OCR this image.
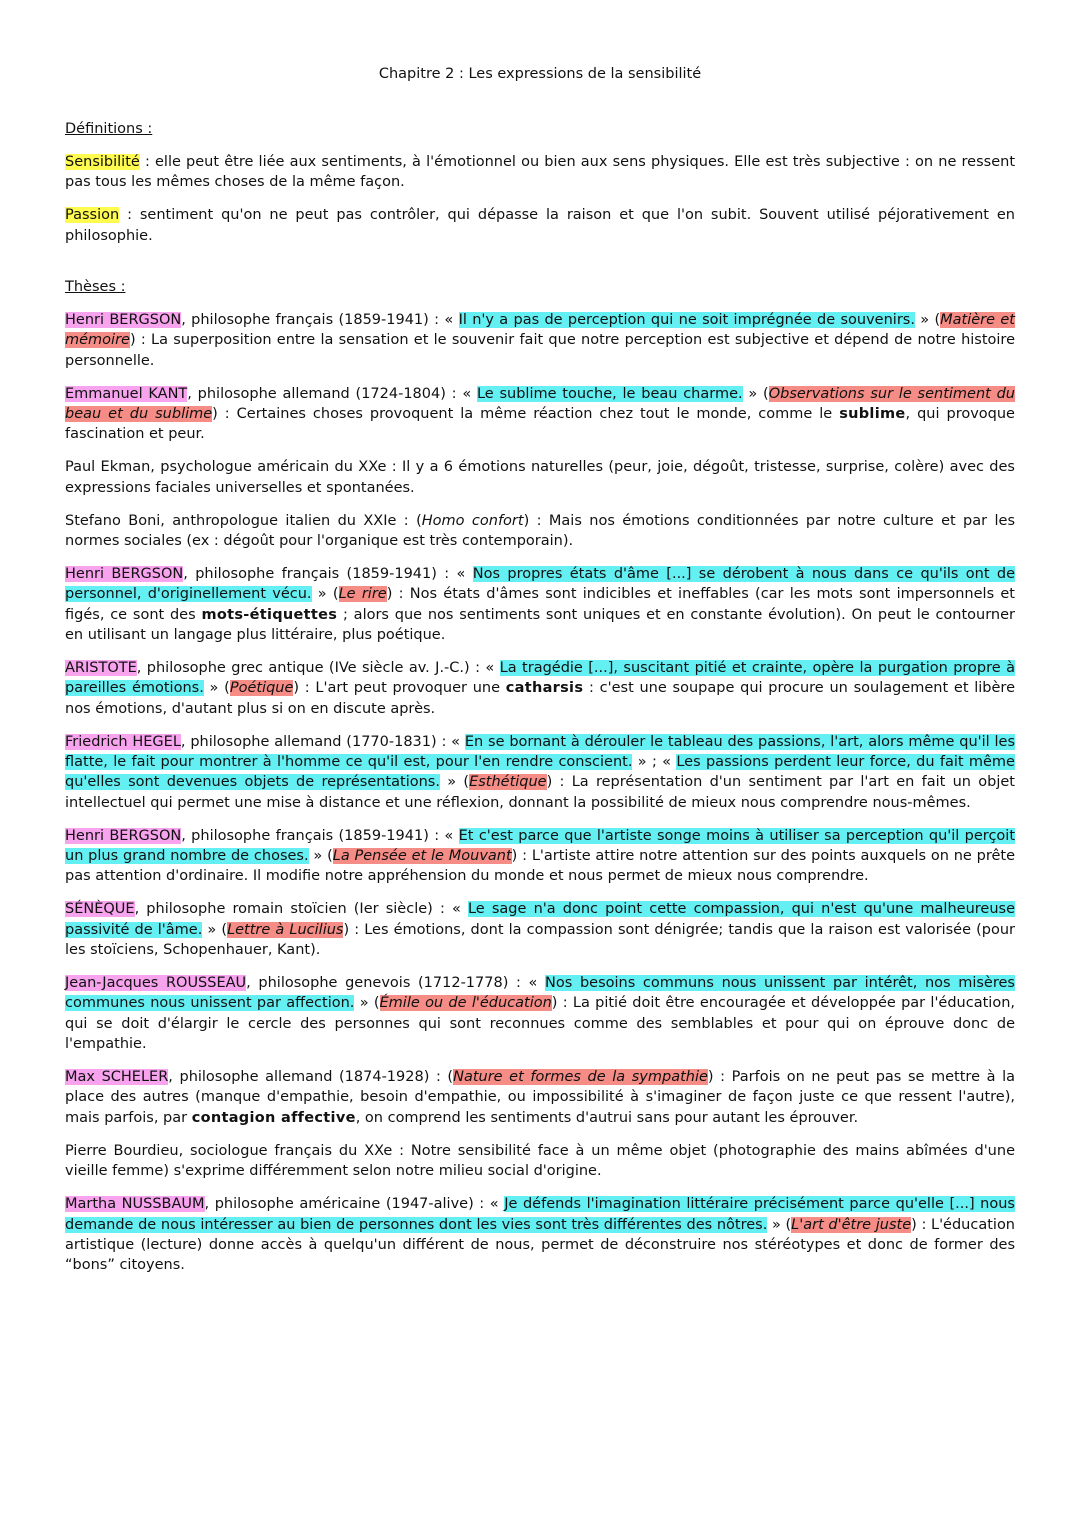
Chapitre 2 : Les expressions de la sensibilité
Définitions :

Sensibilité : elle peut être liée aux sentiments, à l'émotionnel ou bien aux sens physiques. Elle est très subjective : on ne ressent pas tous les mêmes choses de la même façon.

Passion : sentiment qu'on ne peut pas contrôler, qui dépasse la raison et que l'on subit. Souvent utilisé péjorativement en philosophie.

Thèses :

Henri BERGSON, philosophe français (1859-1941) : « Il n'y a pas de perception qui ne soit imprégnée de souvenirs. » (Matière et mémoire) : La superposition entre la sensation et le souvenir fait que notre perception est subjective et dépend de notre histoire personnelle.

Emmanuel KANT, philosophe allemand (1724-1804) : « Le sublime touche, le beau charme. » (Observations sur le sentiment du beau et du sublime) : Certaines choses provoquent la même réaction chez tout le monde, comme le sublime, qui provoque fascination et peur.

Paul Ekman, psychologue américain du XXe : Il y a 6 émotions naturelles (peur, joie, dégoût, tristesse, surprise, colère) avec des expressions faciales universelles et spontanées.

Stefano Boni, anthropologue italien du XXIe : (Homo confort) : Mais nos émotions conditionnées par notre culture et par les normes sociales (ex : dégoût pour l'organique est très contemporain).

Henri BERGSON, philosophe français (1859-1941) : « Nos propres états d'âme [...] se dérobent à nous dans ce qu'ils ont de personnel, d'originellement vécu. » (Le rire) : Nos états d'âmes sont indicibles et ineffables (car les mots sont impersonnels et figés, ce sont des mots-étiquettes ; alors que nos sentiments sont uniques et en constante évolution). On peut le contourner en utilisant un langage plus littéraire, plus poétique.

ARISTOTE, philosophe grec antique (IVe siècle av. J.-C.) : « La tragédie [...], suscitant pitié et crainte, opère la purgation propre à pareilles émotions. » (Poétique) : L'art peut provoquer une catharsis : c'est une soupape qui procure un soulagement et libère nos émotions, d'autant plus si on en discute après.

Friedrich HEGEL, philosophe allemand (1770-1831) : « En se bornant à dérouler le tableau des passions, l'art, alors même qu'il les flatte, le fait pour montrer à l'homme ce qu'il est, pour l'en rendre conscient. » ; « Les passions perdent leur force, du fait même qu'elles sont devenues objets de représentations. » (Esthétique) : La représentation d'un sentiment par l'art en fait un objet intellectuel qui permet une mise à distance et une réflexion, donnant la possibilité de mieux nous comprendre nous-mêmes.

Henri BERGSON, philosophe français (1859-1941) : « Et c'est parce que l'artiste songe moins à utiliser sa perception qu'il perçoit un plus grand nombre de choses. » (La Pensée et le Mouvant) : L'artiste attire notre attention sur des points auxquels on ne prête pas attention d'ordinaire. Il modifie notre appréhension du monde et nous permet de mieux nous comprendre.

SÉNÈQUE, philosophe romain stoïcien (Ier siècle) : « Le sage n'a donc point cette compassion, qui n'est qu'une malheureuse passivité de l'âme. » (Lettre à Lucilius) : Les émotions, dont la compassion sont dénigrée; tandis que la raison est valorisée (pour les stoïciens, Schopenhauer, Kant).

Jean-Jacques ROUSSEAU, philosophe genevois (1712-1778) : « Nos besoins communs nous unissent par intérêt, nos misères communes nous unissent par affection. » (Émile ou de l'éducation) : La pitié doit être encouragée et développée par l'éducation, qui se doit d'élargir le cercle des personnes qui sont reconnues comme des semblables et pour qui on éprouve donc de l'empathie.

Max SCHELER, philosophe allemand (1874-1928) : (Nature et formes de la sympathie) : Parfois on ne peut pas se mettre à la place des autres (manque d'empathie, besoin d'empathie, ou impossibilité à s'imaginer de façon juste ce que ressent l'autre), mais parfois, par contagion affective, on comprend les sentiments d'autrui sans pour autant les éprouver.

Pierre Bourdieu, sociologue français du XXe : Notre sensibilité face à un même objet (photographie des mains abîmées d'une vieille femme) s'exprime différemment selon notre milieu social d'origine.

Martha NUSSBAUM, philosophe américaine (1947-alive) : « Je défends l'imagination littéraire précisément parce qu'elle [...] nous demande de nous intéresser au bien de personnes dont les vies sont très différentes des nôtres. » (L'art d'être juste) : L'éducation artistique (lecture) donne accès à quelqu'un différent de nous, permet de déconstruire nos stéréotypes et donc de former des “bons” citoyens.
